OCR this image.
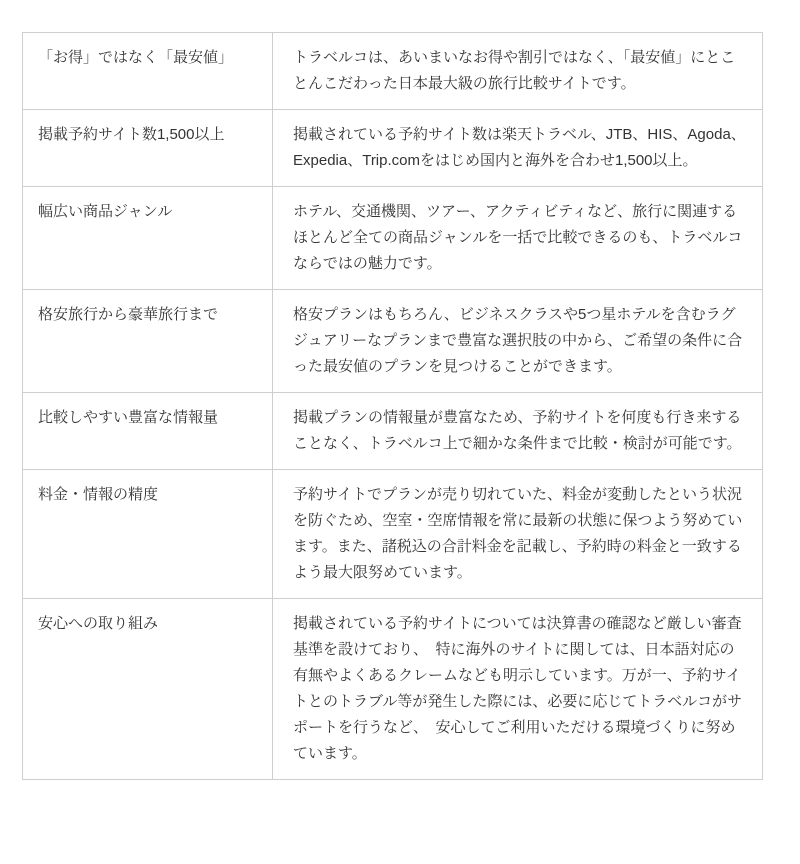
「お得」ではなく「最安値」	トラベルコは、あいまいなお得や割引ではなく、「最安値」にとことんこだわった日本最大級の旅行比較サイトです。
掲載予約サイト数1,500以上	掲載されている予約サイト数は楽天トラベル、JTB、HIS、Agoda、Expedia、Trip.comをはじめ国内と海外を合わせ1,500以上。
幅広い商品ジャンル	ホテル、交通機関、ツアー、アクティビティなど、旅行に関連するほとんど全ての商品ジャンルを一括で比較できるのも、トラベルコならではの魅力です。
格安旅行から豪華旅行まで	格安プランはもちろん、ビジネスクラスや5つ星ホテルを含むラグジュアリーなプランまで豊富な選択肢の中から、ご希望の条件に合った最安値のプランを見つけることができます。
比較しやすい豊富な情報量	掲載プランの情報量が豊富なため、予約サイトを何度も行き来することなく、トラベルコ上で細かな条件まで比較・検討が可能です。
料金・情報の精度	予約サイトでプランが売り切れていた、料金が変動したという状況を防ぐため、空室・空席情報を常に最新の状態に保つよう努めています。また、諸税込の合計料金を記載し、予約時の料金と一致するよう最大限努めています。
安心への取り組み	掲載されている予約サイトについては決算書の確認など厳しい審査基準を設けており、　特に海外のサイトに関しては、日本語対応の有無やよくあるクレームなども明示しています。万が一、予約サイトとのトラブル等が発生した際には、必要に応じてトラベルコがサポートを行うなど、　安心してご利用いただける環境づくりに努めています。
